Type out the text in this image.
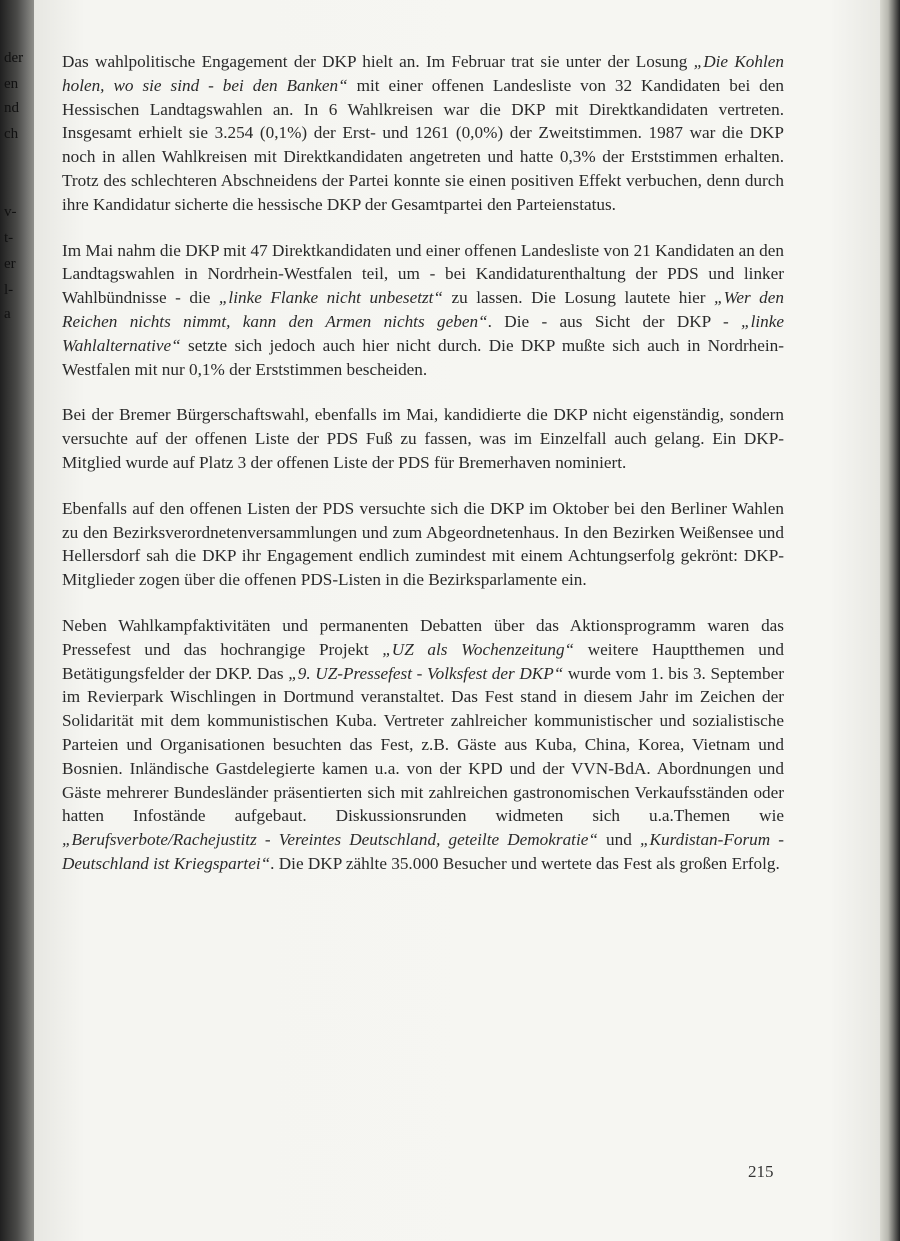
der
en
nd
ch
v-
t-
er
l-
a

Das wahlpolitische Engagement der DKP hielt an. Im Februar trat sie unter der Losung „Die Kohlen holen, wo sie sind - bei den Banken“ mit einer offenen Landesliste von 32 Kandidaten bei den Hessischen Landtagswahlen an. In 6 Wahlkreisen war die DKP mit Direktkandidaten vertreten. Insgesamt erhielt sie 3.254 (0,1%) der Erst- und 1261 (0,0%) der Zweitstimmen. 1987 war die DKP noch in allen Wahlkreisen mit Direktkandidaten angetreten und hatte 0,3% der Erststimmen erhalten. Trotz des schlechteren Abschneidens der Partei konnte sie einen positiven Effekt verbuchen, denn durch ihre Kandidatur sicherte die hessische DKP der Gesamtpartei den Parteienstatus.

Im Mai nahm die DKP mit 47 Direktkandidaten und einer offenen Landesliste von 21 Kandidaten an den Landtagswahlen in Nordrhein-Westfalen teil, um - bei Kandidaturenthaltung der PDS und linker Wahlbündnisse - die „linke Flanke nicht unbesetzt“ zu lassen. Die Losung lautete hier „Wer den Reichen nichts nimmt, kann den Armen nichts geben“. Die - aus Sicht der DKP - „linke Wahlalternative“ setzte sich jedoch auch hier nicht durch. Die DKP mußte sich auch in Nordrhein-Westfalen mit nur 0,1% der Erststimmen bescheiden.

Bei der Bremer Bürgerschaftswahl, ebenfalls im Mai, kandidierte die DKP nicht eigenständig, sondern versuchte auf der offenen Liste der PDS Fuß zu fassen, was im Einzelfall auch gelang. Ein DKP-Mitglied wurde auf Platz 3 der offenen Liste der PDS für Bremerhaven nominiert.

Ebenfalls auf den offenen Listen der PDS versuchte sich die DKP im Oktober bei den Berliner Wahlen zu den Bezirksverordnetenversammlungen und zum Abgeordnetenhaus. In den Bezirken Weißensee und Hellersdorf sah die DKP ihr Engagement endlich zumindest mit einem Achtungserfolg gekrönt: DKP-Mitglieder zogen über die offenen PDS-Listen in die Bezirksparlamente ein.

Neben Wahlkampfaktivitäten und permanenten Debatten über das Aktionsprogramm waren das Pressefest und das hochrangige Projekt „UZ als Wochenzeitung“ weitere Hauptthemen und Betätigungsfelder der DKP. Das „9. UZ-Pressefest - Volksfest der DKP“ wurde vom 1. bis 3. September im Revierpark Wischlingen in Dortmund veranstaltet. Das Fest stand in diesem Jahr im Zeichen der Solidarität mit dem kommunistischen Kuba. Vertreter zahlreicher kommunistischer und sozialistische Parteien und Organisationen besuchten das Fest, z.B. Gäste aus Kuba, China, Korea, Vietnam und Bosnien. Inländische Gastdelegierte kamen u.a. von der KPD und der VVN-BdA. Abordnungen und Gäste mehrerer Bundesländer präsentierten sich mit zahlreichen gastronomischen Verkaufsständen oder hatten Infostände aufgebaut. Diskussionsrunden widmeten sich u.a.Themen wie „Berufsverbote/Rachejustitz - Vereintes Deutschland, geteilte Demokratie“ und „Kurdistan-Forum - Deutschland ist Kriegspartei“. Die DKP zählte 35.000 Besucher und wertete das Fest als großen Erfolg.

215
